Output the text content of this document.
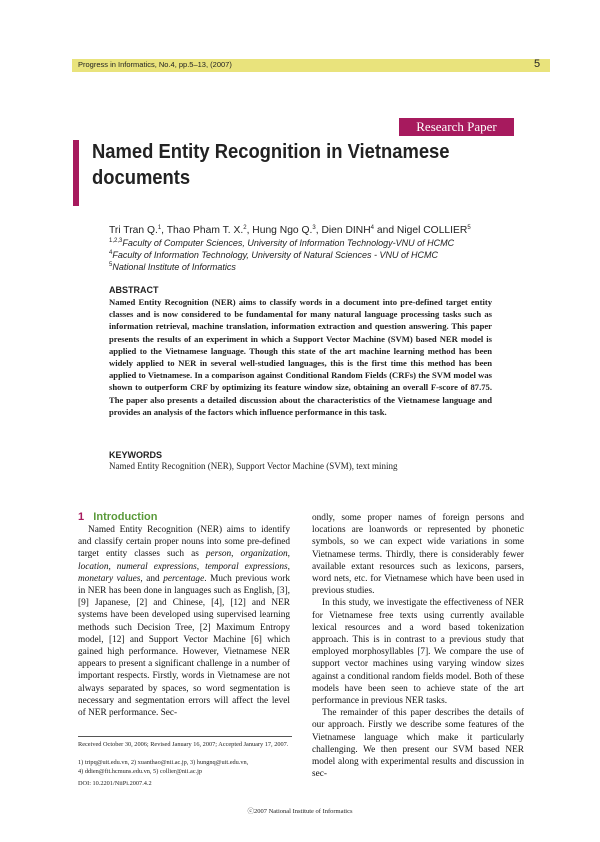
Progress in Informatics, No.4, pp.5–13, (2007)	5
Research Paper
Named Entity Recognition in Vietnamese documents
Tri Tran Q.$^1$, Thao Pham T. X.$^2$, Hung Ngo Q.$^3$, Dien DINH$^4$ and Nigel COLLIER$^5$
$^{1,2,3}$Faculty of Computer Sciences, University of Information Technology-VNU of HCMC
$^4$Faculty of Information Technology, University of Natural Sciences - VNU of HCMC
$^5$National Institute of Informatics
ABSTRACT
Named Entity Recognition (NER) aims to classify words in a document into pre-defined target entity classes and is now considered to be fundamental for many natural language processing tasks such as information retrieval, machine translation, information extraction and question answering. This paper presents the results of an experiment in which a Support Vector Machine (SVM) based NER model is applied to the Vietnamese language. Though this state of the art machine learning method has been widely applied to NER in several well-studied languages, this is the first time this method has been applied to Vietnamese. In a comparison against Conditional Random Fields (CRFs) the SVM model was shown to outperform CRF by optimizing its feature window size, obtaining an overall F-score of 87.75. The paper also presents a detailed discussion about the characteristics of the Vietnamese language and provides an analysis of the factors which influence performance in this task.
KEYWORDS
Named Entity Recognition (NER), Support Vector Machine (SVM), text mining
1 Introduction
Named Entity Recognition (NER) aims to identify and classify certain proper nouns into some pre-defined target entity classes such as person, organization, location, numeral expressions, temporal expressions, monetary values, and percentage. Much previous work in NER has been done in languages such as English, [3], [9] Japanese, [2] and Chinese, [4], [12] and NER systems have been developed using supervised learning methods such Decision Tree, [2] Maximum Entropy model, [12] and Support Vector Machine [6] which gained high performance. However, Vietnamese NER appears to present a significant challenge in a number of important respects. Firstly, words in Vietnamese are not always separated by spaces, so word segmentation is necessary and segmentation errors will affect the level of NER performance. Sec-

ondly, some proper names of foreign persons and locations are loanwords or represented by phonetic symbols, so we can expect wide variations in some Vietnamese terms. Thirdly, there is considerably fewer available extant resources such as lexicons, parsers, word nets, etc. for Vietnamese which have been used in previous studies.

In this study, we investigate the effectiveness of NER for Vietnamese free texts using currently available lexical resources and a word based tokenization approach. This is in contrast to a previous study that employed morphosyllables [7]. We compare the use of support vector machines using varying window sizes against a conditional random fields model. Both of these models have been seen to achieve state of the art performance in previous NER tasks.

The remainder of this paper describes the details of our approach. Firstly we describe some features of the Vietnamese language which make it particularly challenging. We then present our SVM based NER model along with experimental results and discussion in sec-

Received October 30, 2006; Revised January 16, 2007; Accepted January 17, 2007.
1) tripq@uit.edu.vn, 2) xuanthao@nii.ac.jp, 3) hungnq@uit.edu.vn,
4) ddien@fit.hcmuns.edu.vn, 5) collier@nii.ac.jp
DOI: 10.2201/NiiPi.2007.4.2
ⓒ2007 National Institute of Informatics
